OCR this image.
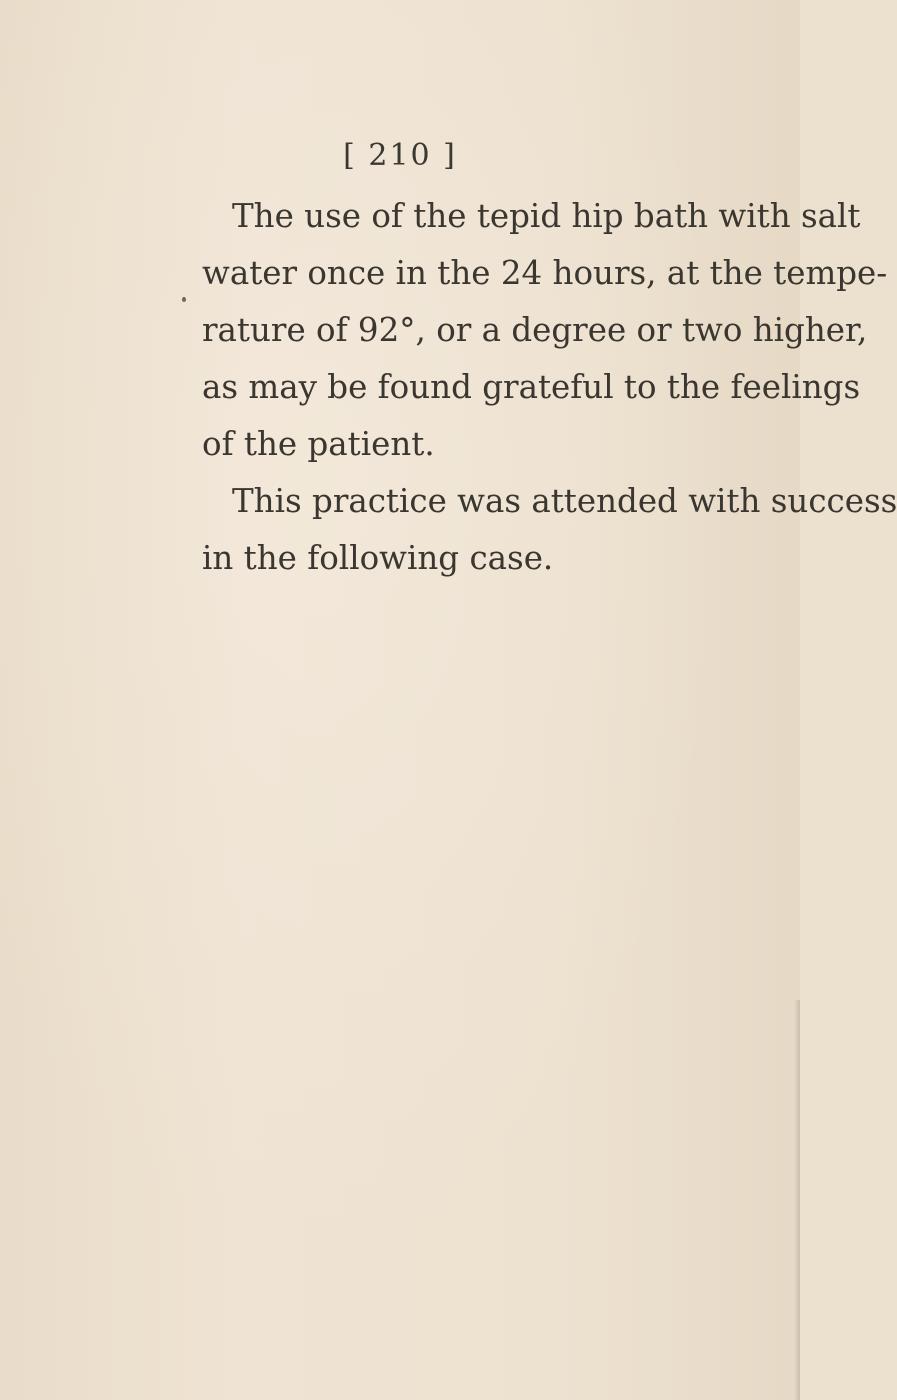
[ 210 ]
The use of the tepid hip bath with salt
water once in the 24 hours, at the tempe-
rature of 92°, or a degree or two higher,
as may be found grateful to the feelings
of the patient.
This practice was attended with success
in the following case.
